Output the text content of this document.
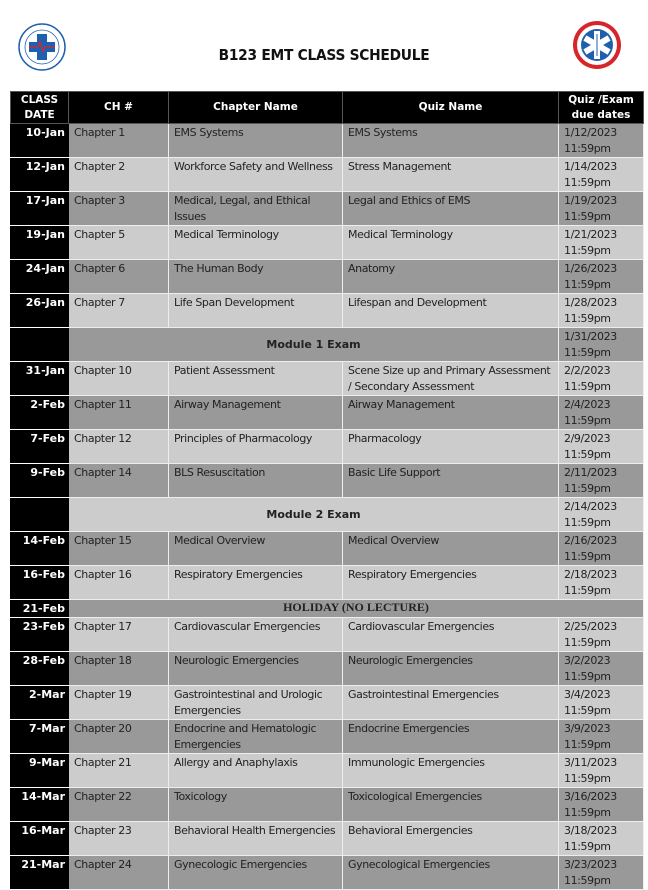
B123 EMT CLASS SCHEDULE
CLASS DATE	CH #	Chapter Name	Quiz Name	Quiz /Exam due dates
10-Jan	Chapter 1	EMS Systems	EMS Systems	1/12/2023
11:59pm

12-Jan	Chapter 2	Workforce Safety and Wellness	Stress Management	1/14/2023
11:59pm

17-Jan	Chapter 3	Medical, Legal, and Ethical Issues	Legal and Ethics of EMS	1/19/2023
11:59pm

19-Jan	Chapter 5	Medical Terminology	Medical Terminology	1/21/2023
11:59pm

24-Jan	Chapter 6	The Human Body	Anatomy	1/26/2023
11:59pm

26-Jan	Chapter 7	Life Span Development	Lifespan and Development	1/28/2023
11:59pm

	Module 1 Exam			1/31/2023
11:59pm

31-Jan	Chapter 10	Patient Assessment	Scene Size up and Primary Assessment / Secondary Assessment	2/2/2023
11:59pm

2-Feb	Chapter 11	Airway Management	Airway Management	2/4/2023
11:59pm

7-Feb	Chapter 12	Principles of Pharmacology	Pharmacology	2/9/2023
11:59pm

9-Feb	Chapter 14	BLS Resuscitation	Basic Life Support	2/11/2023
11:59pm

	Module 2 Exam			2/14/2023
11:59pm

14-Feb	Chapter 15	Medical Overview	Medical Overview	2/16/2023
11:59pm

16-Feb	Chapter 16	Respiratory Emergencies	Respiratory Emergencies	2/18/2023
11:59pm

21-Feb	HOLIDAY (NO LECTURE)			
23-Feb	Chapter 17	Cardiovascular Emergencies	Cardiovascular Emergencies	2/25/2023
11:59pm

28-Feb	Chapter 18	Neurologic Emergencies	Neurologic Emergencies	3/2/2023
11:59pm

2-Mar	Chapter 19	Gastrointestinal and Urologic Emergencies	Gastrointestinal Emergencies	3/4/2023
11:59pm

7-Mar	Chapter 20	Endocrine and Hematologic Emergencies	Endocrine Emergencies	3/9/2023
11:59pm

9-Mar	Chapter 21	Allergy and Anaphylaxis	Immunologic Emergencies	3/11/2023
11:59pm

14-Mar	Chapter 22	Toxicology	Toxicological Emergencies	3/16/2023
11:59pm

16-Mar	Chapter 23	Behavioral Health Emergencies	Behavioral Emergencies	3/18/2023
11:59pm

21-Mar	Chapter 24	Gynecologic Emergencies	Gynecological Emergencies	3/23/2023
11:59pm
